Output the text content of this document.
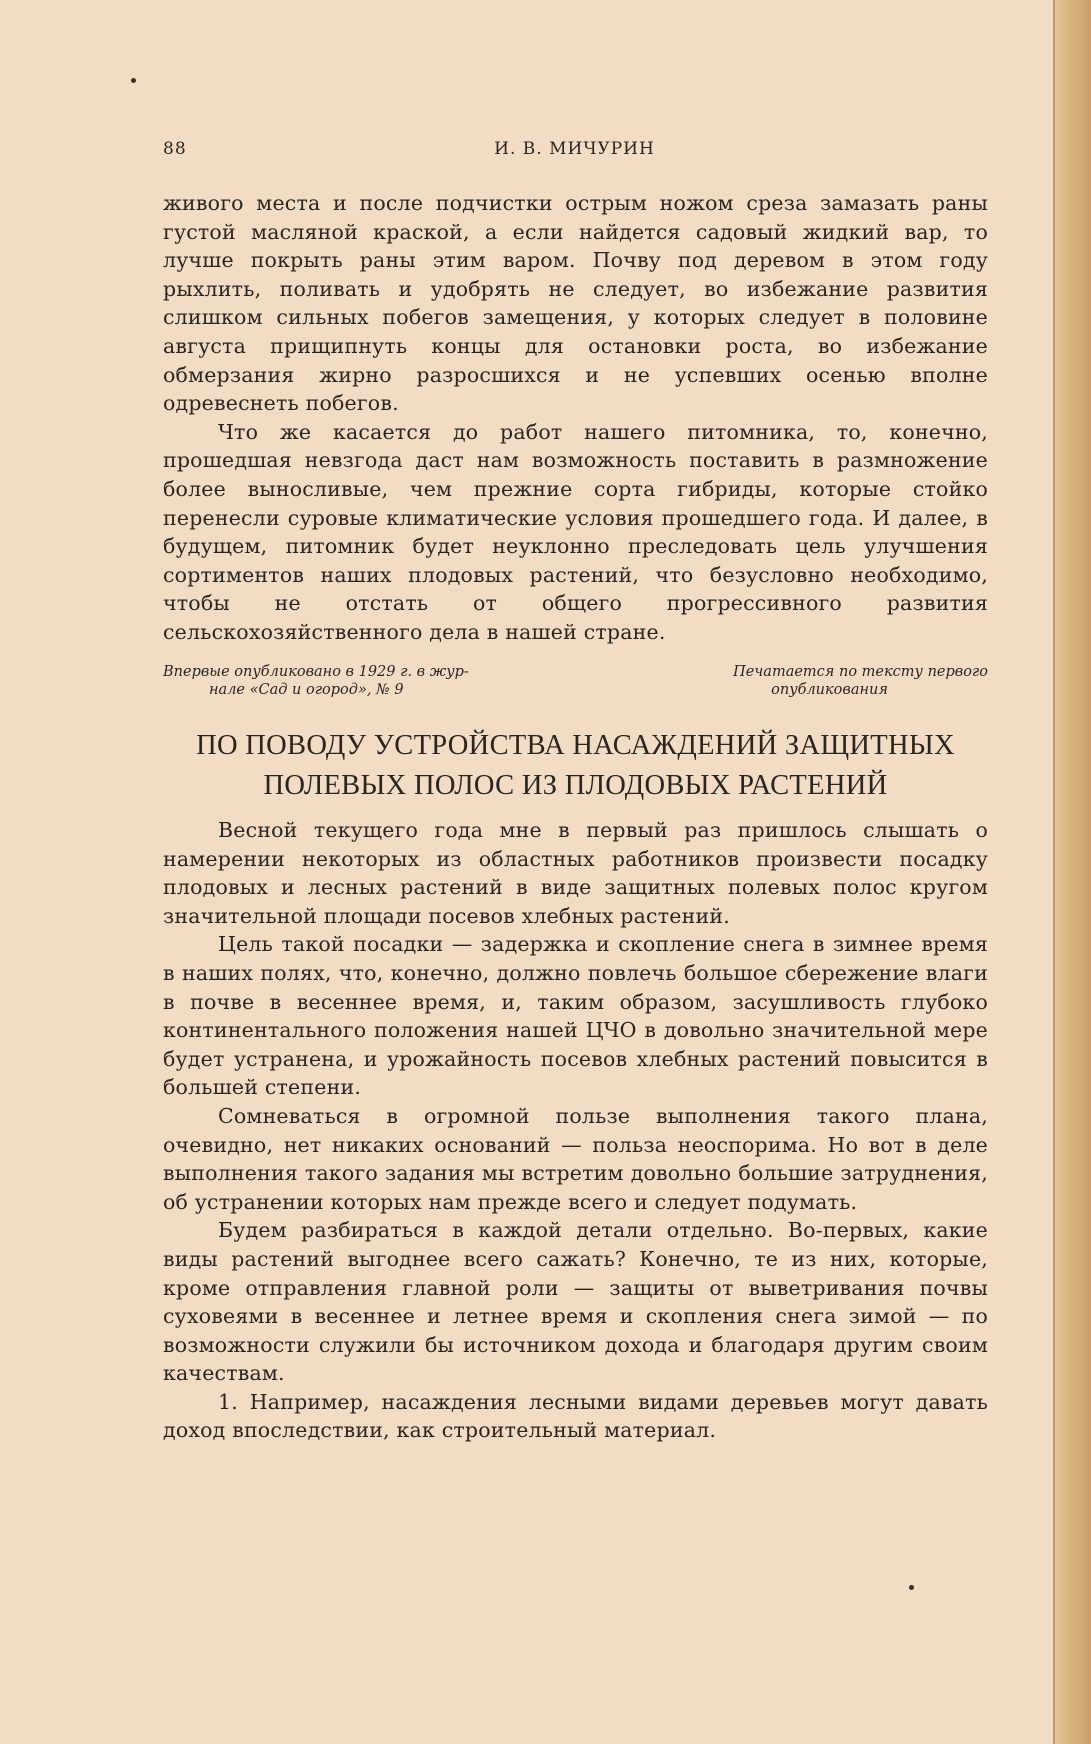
88	И. В. МИЧУРИН

живого места и после подчистки острым ножом среза замазать раны густой масляной краской, а если найдется садовый жидкий вар, то лучше покрыть раны этим варом. Почву под деревом в этом году рыхлить, поливать и удобрять не следует, во избежание развития слишком сильных побегов замещения, у которых следует в половине августа прищипнуть концы для остановки роста, во избежание обмерзания жирно разросшихся и не успевших осенью вполне одревеснеть побегов.

Что же касается до работ нашего питомника, то, конечно, прошедшая невзгода даст нам возможность поставить в размножение более выносливые, чем прежние сорта гибриды, которые стойко перенесли суровые климатические условия прошедшего года. И далее, в будущем, питомник будет неуклонно преследовать цель улучшения сортиментов наших плодовых растений, что безусловно необходимо, чтобы не отстать от общего прогрессивного развития сельскохозяйственного дела в нашей стране.

Впервые опубликовано в 1929 г. в жур-
нале «Сад и огород», № 9
Печатается по тексту первого
опубликования
ПО ПОВОДУ УСТРОЙСТВА НАСАЖДЕНИЙ ЗАЩИТНЫХ
ПОЛЕВЫХ ПОЛОС ИЗ ПЛОДОВЫХ РАСТЕНИЙ

Весной текущего года мне в первый раз пришлось слышать о намерении некоторых из областных работников произвести посадку плодовых и лесных растений в виде защитных полевых полос кругом значительной площади посевов хлебных растений.

Цель такой посадки — задержка и скопление снега в зимнее время в наших полях, что, конечно, должно повлечь большое сбережение влаги в почве в весеннее время, и, таким образом, засушливость глубоко континентального положения нашей ЦЧО в довольно значительной мере будет устранена, и урожайность посевов хлебных растений повысится в большей степени.

Сомневаться в огромной пользе выполнения такого плана, очевидно, нет никаких оснований — польза неоспорима. Но вот в деле выполнения такого задания мы встретим довольно большие затруднения, об устранении которых нам прежде всего и следует подумать.

Будем разбираться в каждой детали отдельно. Во-первых, какие виды растений выгоднее всего сажать? Конечно, те из них, которые, кроме отправления главной роли — защиты от выветривания почвы суховеями в весеннее и летнее время и скопления снега зимой — по возможности служили бы источником дохода и благодаря другим своим качествам.

1. Например, насаждения лесными видами деревьев могут давать доход впоследствии, как строительный материал.
